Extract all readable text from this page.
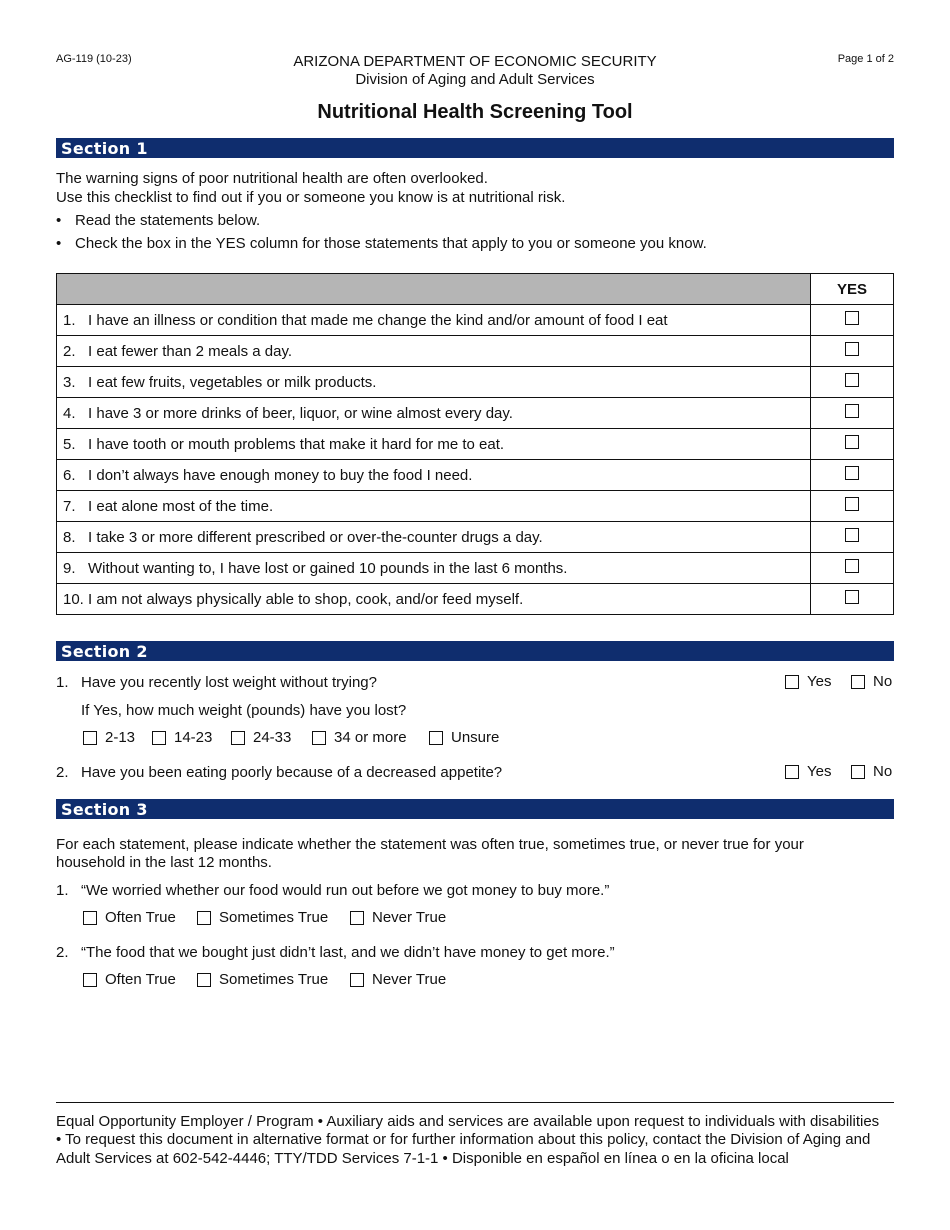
AG-119 (10-23)	Page 1 of 2
ARIZONA DEPARTMENT OF ECONOMIC SECURITY
Division of Aging and Adult Services
Nutritional Health Screening Tool
Section 1
The warning signs of poor nutritional health are often overlooked.
Use this checklist to find out if you or someone you know is at nutritional risk.
• Read the statements below.
• Check the box in the YES column for those statements that apply to you or someone you know.
	YES
1.   I have an illness or condition that made me change the kind and/or amount of food I eat	
2.   I eat fewer than 2 meals a day.	
3.   I eat few fruits, vegetables or milk products.	
4.   I have 3 or more drinks of beer, liquor, or wine almost every day.	
5.   I have tooth or mouth problems that make it hard for me to eat.	
6.   I don’t always have enough money to buy the food I need.	
7.   I eat alone most of the time.	
8.   I take 3 or more different prescribed or over-the-counter drugs a day.	
9.   Without wanting to, I have lost or gained 10 pounds in the last 6 months.	
10. I am not always physically able to shop, cook, and/or feed myself.	
Section 2
1. Have you recently lost weight without trying?	Yes	No
If Yes, how much weight (pounds) have you lost?
2-13	14-23	24-33	34 or more	Unsure
2. Have you been eating poorly because of a decreased appetite?	Yes	No
Section 3
For each statement, please indicate whether the statement was often true, sometimes true, or never true for your household in the last 12 months.
1. “We worried whether our food would run out before we got money to buy more.”
Often True	Sometimes True	Never True
2. “The food that we bought just didn’t last, and we didn’t have money to get more.”
Often True	Sometimes True	Never True
Equal Opportunity Employer / Program • Auxiliary aids and services are available upon request to individuals with disabilities
• To request this document in alternative format or for further information about this policy, contact the Division of Aging and
Adult Services at 602-542-4446; TTY/TDD Services 7-1-1 • Disponible en español en línea o en la oficina local
